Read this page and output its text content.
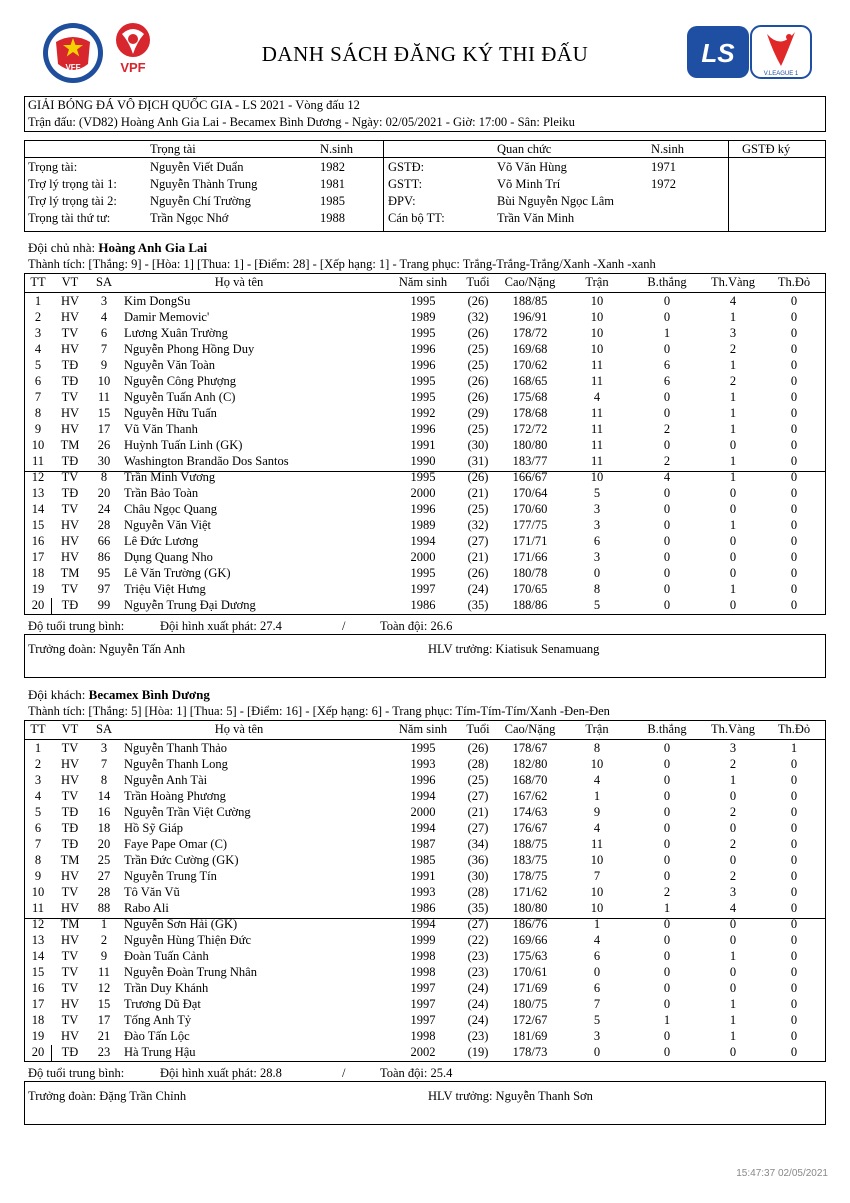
VFF	VPF	LS
V.LEAGUE 1
DANH SÁCH ĐĂNG KÝ THI ĐẤU
GIẢI BÓNG ĐÁ VÔ ĐỊCH QUỐC GIA - LS 2021 - Vòng đấu 12
Trận đấu: (VD82) Hoàng Anh Gia Lai - Becamex Bình Dương - Ngày: 02/05/2021 - Giờ: 17:00 - Sân: Pleiku
Trọng tài	N.sinh	Quan chức	N.sinh	GSTĐ ký
Trọng tài:	Nguyễn Viết Duẩn	1982	GSTĐ:	Võ Văn Hùng	1971
Trợ lý trọng tài 1:	Nguyễn Thành Trung	1981	GSTT:	Võ Minh Trí	1972
Trợ lý trọng tài 2:	Nguyễn Chí Trường	1985	ĐPV:	Bùi Nguyễn Ngọc Lâm
Trọng tài thứ tư:	Trần Ngọc Nhớ	1988	Cán bộ TT:	Trần Văn Minh
Đội chủ nhà: Hoàng Anh Gia Lai
Thành tích: [Thắng: 9] - [Hòa: 1] [Thua: 1] - [Điểm: 28] - [Xếp hạng: 1] - Trang phục: Trắng-Trắng-Trắng/Xanh -Xanh -xanh
TT	VT	SA	Họ và tên	Năm sinh	Tuổi	Cao/Nặng	Trận	B.thắng	Th.Vàng	Th.Đỏ
1	HV	3	Kim DongSu	1995	(26)	188/85	10	0	4	0
2	HV	4	Damir Memovic'	1989	(32)	196/91	10	0	1	0
3	TV	6	Lương Xuân Trường	1995	(26)	178/72	10	1	3	0
4	HV	7	Nguyễn Phong Hồng Duy	1996	(25)	169/68	10	0	2	0
5	TĐ	9	Nguyễn Văn Toàn	1996	(25)	170/62	11	6	1	0
6	TĐ	10	Nguyễn Công Phượng	1995	(26)	168/65	11	6	2	0
7	TV	11	Nguyễn Tuấn Anh (C)	1995	(26)	175/68	4	0	1	0
8	HV	15	Nguyễn Hữu Tuấn	1992	(29)	178/68	11	0	1	0
9	HV	17	Vũ Văn Thanh	1996	(25)	172/72	11	2	1	0
10	TM	26	Huỳnh Tuấn Linh (GK)	1991	(30)	180/80	11	0	0	0
11	TĐ	30	Washington Brandão Dos Santos	1990	(31)	183/77	11	2	1	0
12	TV	8	Trần Minh Vương	1995	(26)	166/67	10	4	1	0
13	TĐ	20	Trần Bảo Toàn	2000	(21)	170/64	5	0	0	0
14	TV	24	Châu Ngọc Quang	1996	(25)	170/60	3	0	0	0
15	HV	28	Nguyễn Văn Việt	1989	(32)	177/75	3	0	1	0
16	HV	66	Lê Đức Lương	1994	(27)	171/71	6	0	0	0
17	HV	86	Dụng Quang Nho	2000	(21)	171/66	3	0	0	0
18	TM	95	Lê Văn Trường (GK)	1995	(26)	180/78	0	0	0	0
19	TV	97	Triệu Việt Hưng	1997	(24)	170/65	8	0	1	0
20	TĐ	99	Nguyễn Trung Đại Dương	1986	(35)	188/86	5	0	0	0
Độ tuổi trung bình:	Đội hình xuất phát: 27.4	/	Toàn đội: 26.6
Trưởng đoàn: Nguyễn Tấn Anh	HLV trưởng: Kiatisuk Senamuang
Đội khách: Becamex Bình Dương
Thành tích: [Thắng: 5] [Hòa: 1] [Thua: 5] - [Điểm: 16] - [Xếp hạng: 6] - Trang phục: Tím-Tím-Tím/Xanh -Đen-Đen
TT	VT	SA	Họ và tên	Năm sinh	Tuổi	Cao/Nặng	Trận	B.thắng	Th.Vàng	Th.Đỏ
1	TV	3	Nguyễn Thanh Thảo	1995	(26)	178/67	8	0	3	1
2	HV	7	Nguyễn Thanh Long	1993	(28)	182/80	10	0	2	0
3	HV	8	Nguyễn Anh Tài	1996	(25)	168/70	4	0	1	0
4	TV	14	Trần Hoàng Phương	1994	(27)	167/62	1	0	0	0
5	TĐ	16	Nguyễn Trần Việt Cường	2000	(21)	174/63	9	0	2	0
6	TĐ	18	Hồ Sỹ Giáp	1994	(27)	176/67	4	0	0	0
7	TĐ	20	Faye Pape Omar (C)	1987	(34)	188/75	11	0	2	0
8	TM	25	Trần Đức Cường (GK)	1985	(36)	183/75	10	0	0	0
9	HV	27	Nguyễn Trung Tín	1991	(30)	178/75	7	0	2	0
10	TV	28	Tô Văn Vũ	1993	(28)	171/62	10	2	3	0
11	HV	88	Rabo Ali	1986	(35)	180/80	10	1	4	0
12	TM	1	Nguyễn Sơn Hải (GK)	1994	(27)	186/76	1	0	0	0
13	HV	2	Nguyễn Hùng Thiện Đức	1999	(22)	169/66	4	0	0	0
14	TV	9	Đoàn Tuấn Cảnh	1998	(23)	175/63	6	0	1	0
15	TV	11	Nguyễn Đoàn Trung Nhân	1998	(23)	170/61	0	0	0	0
16	TV	12	Trần Duy Khánh	1997	(24)	171/69	6	0	0	0
17	HV	15	Trương Dũ Đạt	1997	(24)	180/75	7	0	1	0
18	TV	17	Tống Anh Tỷ	1997	(24)	172/67	5	1	1	0
19	HV	21	Đào Tấn Lộc	1998	(23)	181/69	3	0	1	0
20	TĐ	23	Hà Trung Hậu	2002	(19)	178/73	0	0	0	0
Độ tuổi trung bình:	Đội hình xuất phát: 28.8	/	Toàn đội: 25.4
Trưởng đoàn: Đặng Trần Chỉnh	HLV trưởng: Nguyễn Thanh Sơn
15:47:37 02/05/2021
